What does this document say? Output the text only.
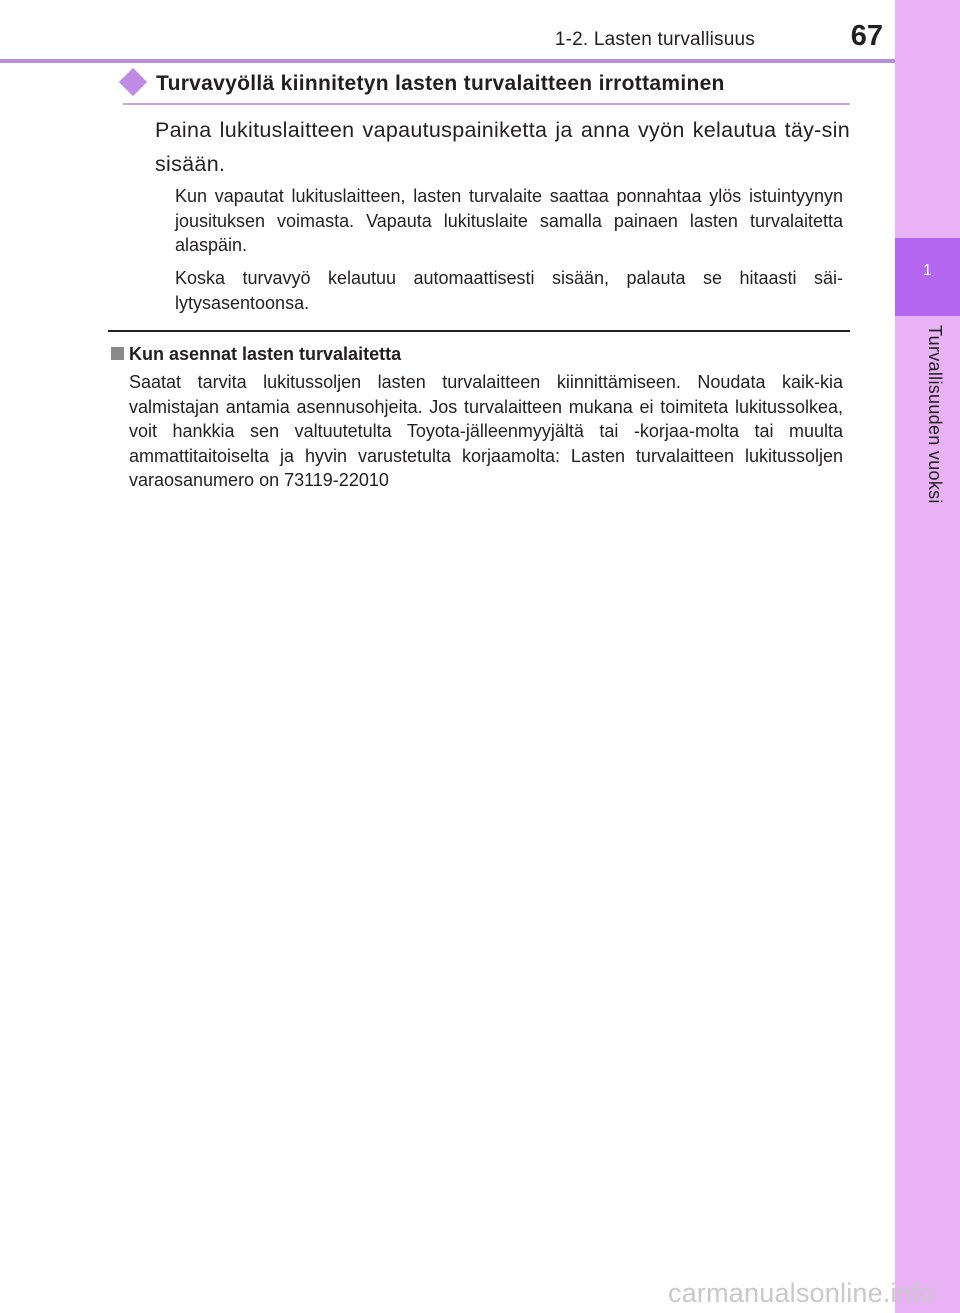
1-2. Lasten turvallisuus	67
1
Turvallisuuden vuoksi
Turvavyöllä kiinnitetyn lasten turvalaitteen irrottaminen
Paina lukituslaitteen vapautuspainiketta ja anna vyön kelautua täy-sin sisään.
Kun vapautat lukituslaitteen, lasten turvalaite saattaa ponnahtaa ylös istuintyynyn jousituksen voimasta. Vapauta lukituslaite samalla painaen lasten turvalaitetta alaspäin.
Koska turvavyö kelautuu automaattisesti sisään, palauta se hitaasti säi-lytysasentoonsa.
Kun asennat lasten turvalaitetta
Saatat tarvita lukitussoljen lasten turvalaitteen kiinnittämiseen. Noudata kaik-kia valmistajan antamia asennusohjeita. Jos turvalaitteen mukana ei toimiteta lukitussolkea, voit hankkia sen valtuutetulta Toyota-jälleenmyyjältä tai -korjaa-molta tai muulta ammattitaitoiselta ja hyvin varustetulta korjaamolta: Lasten turvalaitteen lukitussoljen varaosanumero on 73119-22010
carmanualsonline.info
